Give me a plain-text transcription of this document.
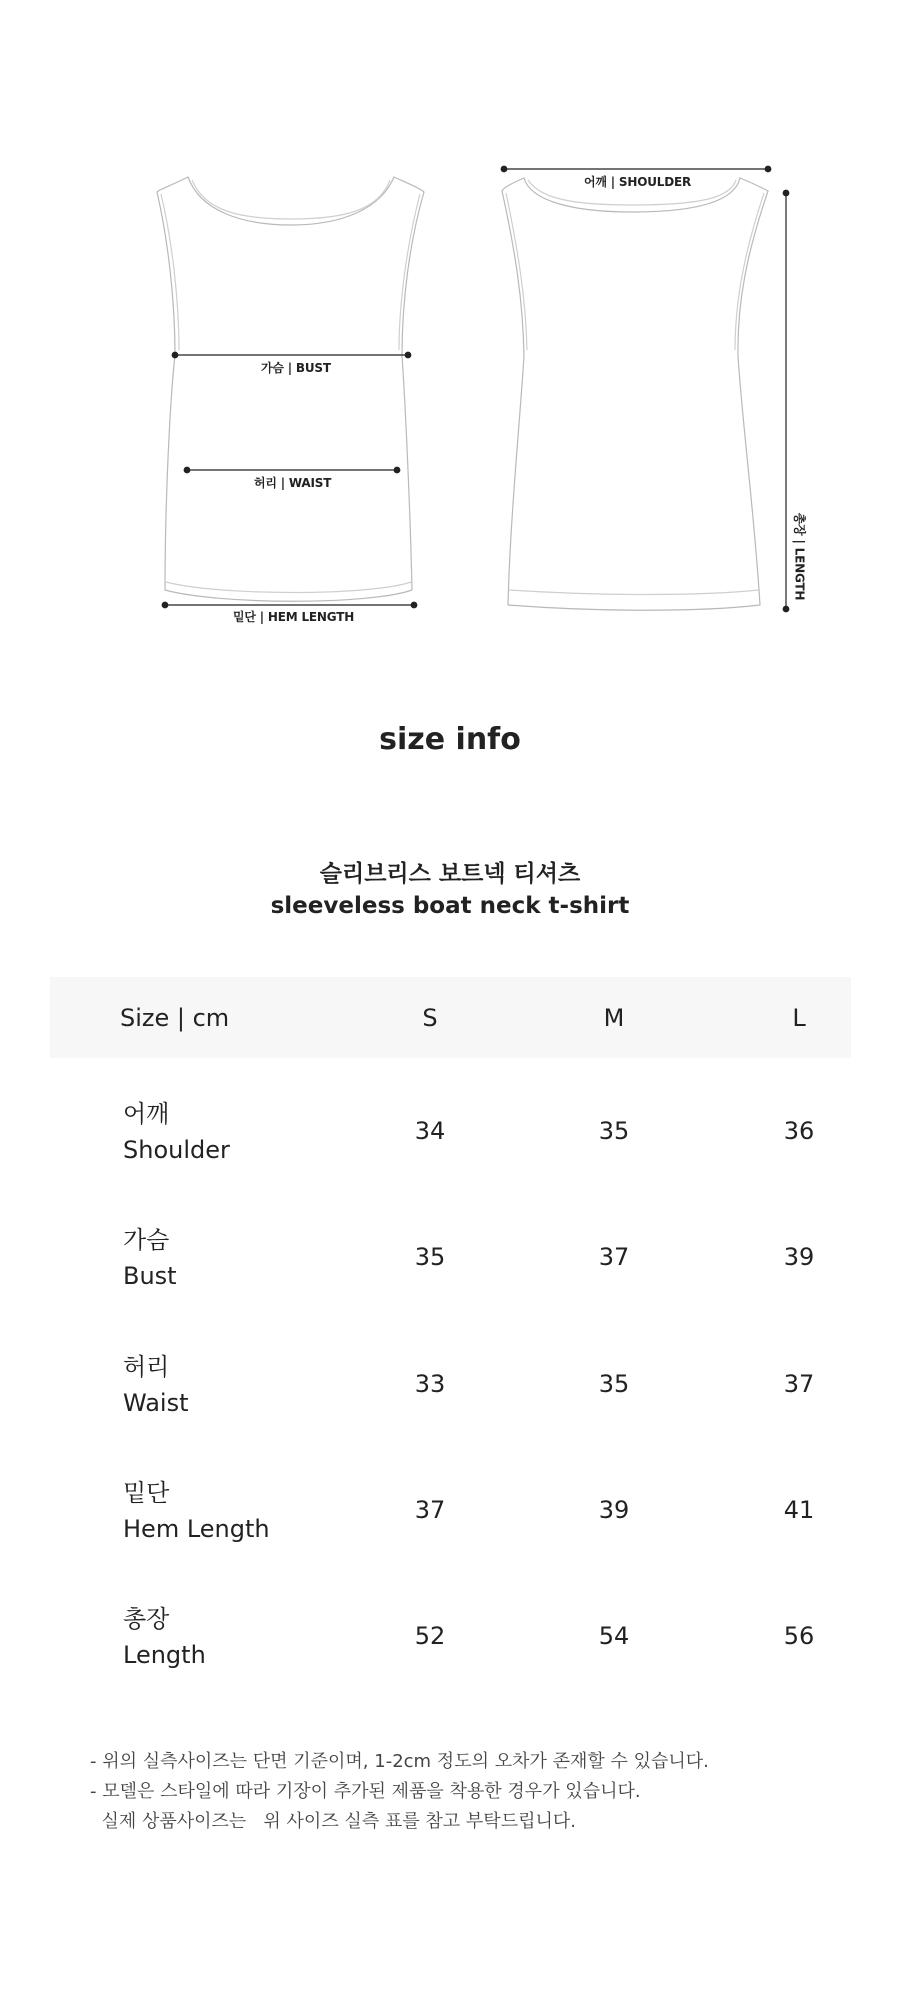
가슴 | BUST
허리 | WAIST
밑단 | HEM LENGTH
어깨 | SHOULDER
총장 | LENGTH
size info
슬리브리스 보트넥 티셔츠
sleeveless boat neck t-shirt
Size | cm	S	M	L
어깨
Shoulder
34	35	36
가슴
Bust
35	37	39
허리
Waist
33	35	37
밑단
Hem Length
37	39	41
총장
Length
52	54	56
- 위의 실측사이즈는 단면 기준이며, 1-2cm 정도의 오차가 존재할 수 있습니다.
- 모델은 스타일에 따라 기장이 추가된 제품을 착용한 경우가 있습니다.
실제 상품사이즈는   위 사이즈 실측 표를 참고 부탁드립니다.
